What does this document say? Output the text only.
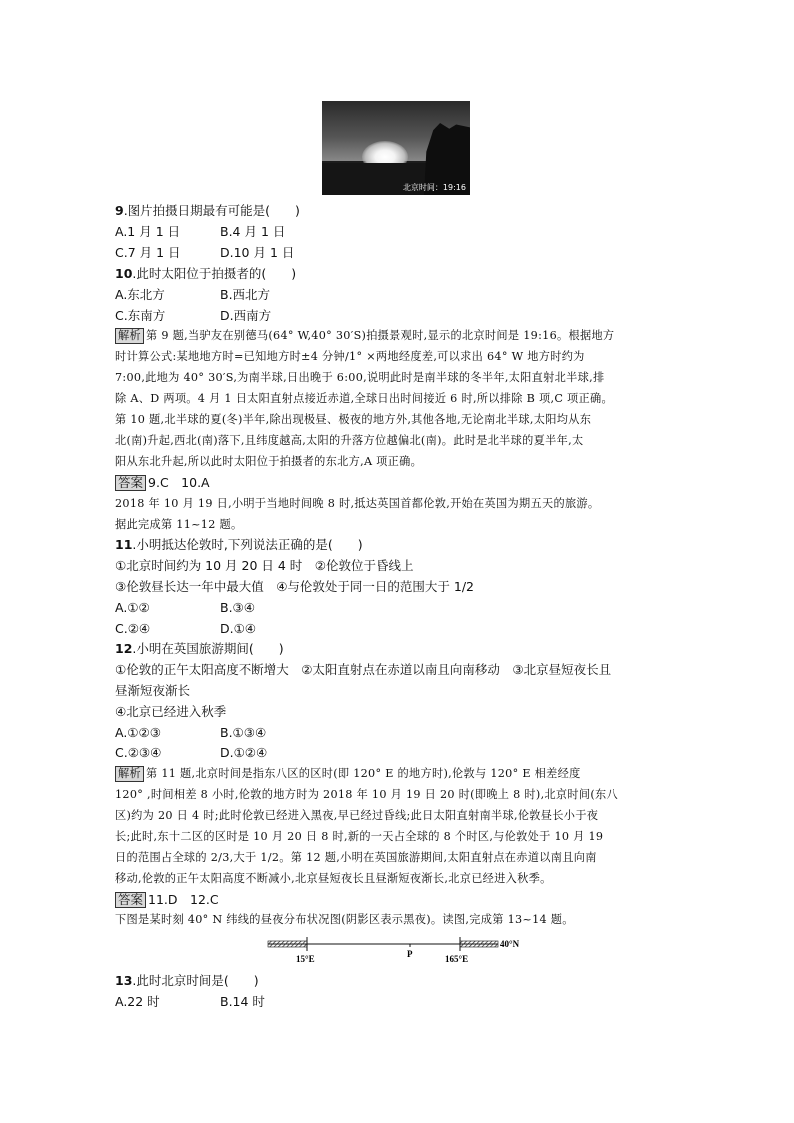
北京时间：19:16
9.图片拍摄日期最有可能是(　　)
A.1 月 1 日	B.4 月 1 日
C.7 月 1 日	D.10 月 1 日
10.此时太阳位于拍摄者的(　　)
A.东北方	B.西北方
C.东南方	D.西南方
解析 第 9 题,当驴友在别德马(64° W,40° 30′S)拍摄景观时,显示的北京时间是 19:16。根据地方
时计算公式:某地地方时=已知地方时±4 分钟/1° ×两地经度差,可以求出 64° W 地方时约为
7:00,此地为 40° 30′S,为南半球,日出晚于 6:00,说明此时是南半球的冬半年,太阳直射北半球,排
除 A、D 两项。4 月 1 日太阳直射点接近赤道,全球日出时间接近 6 时,所以排除 B 项,C 项正确。
第 10 题,北半球的夏(冬)半年,除出现极昼、极夜的地方外,其他各地,无论南北半球,太阳均从东
北(南)升起,西北(南)落下,且纬度越高,太阳的升落方位越偏北(南)。此时是北半球的夏半年,太
阳从东北升起,所以此时太阳位于拍摄者的东北方,A 项正确。
答案 9.C　10.A
2018 年 10 月 19 日,小明于当地时间晚 8 时,抵达英国首都伦敦,开始在英国为期五天的旅游。
据此完成第 11~12 题。
11.小明抵达伦敦时,下列说法正确的是(　　)
①北京时间约为 10 月 20 日 4 时　②伦敦位于昏线上
③伦敦昼长达一年中最大值　④与伦敦处于同一日的范围大于 1/2
A.①②	B.③④
C.②④	D.①④
12.小明在英国旅游期间(　　)
①伦敦的正午太阳高度不断增大　②太阳直射点在赤道以南且向南移动　③北京昼短夜长且
昼渐短夜渐长
④北京已经进入秋季
A.①②③	B.①③④
C.②③④	D.①②④
解析 第 11 题,北京时间是指东八区的区时(即 120° E 的地方时),伦敦与 120° E 相差经度
120° ,时间相差 8 小时,伦敦的地方时为 2018 年 10 月 19 日 20 时(即晚上 8 时),北京时间(东八
区)约为 20 日 4 时;此时伦敦已经进入黑夜,早已经过昏线;此日太阳直射南半球,伦敦昼长小于夜
长;此时,东十二区的区时是 10 月 20 日 8 时,新的一天占全球的 8 个时区,与伦敦处于 10 月 19
日的范围占全球的 2/3,大于 1/2。第 12 题,小明在英国旅游期间,太阳直射点在赤道以南且向南
移动,伦敦的正午太阳高度不断减小,北京昼短夜长且昼渐短夜渐长,北京已经进入秋季。
答案 11.D　12.C
下图是某时刻 40° N 纬线的昼夜分布状况图(阴影区表示黑夜)。读图,完成第 13~14 题。
40°N
15°E	P	165°E
13.此时北京时间是(　　)
A.22 时	B.14 时
